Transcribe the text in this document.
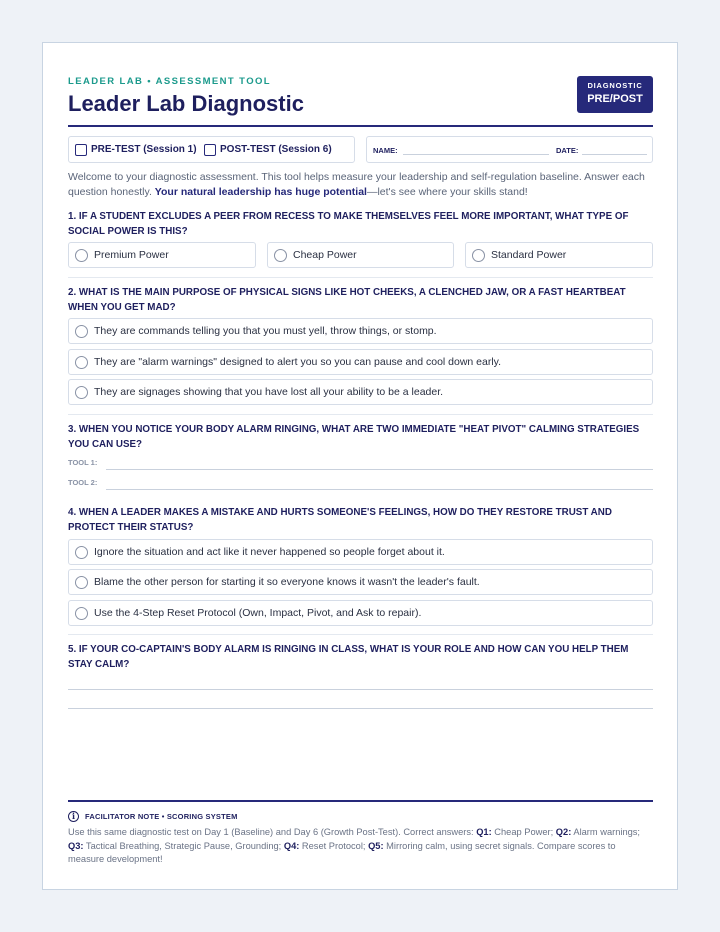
LEADER LAB • ASSESSMENT TOOL
Leader Lab Diagnostic
DIAGNOSTIC
PRE/POST
PRE-TEST (Session 1) POST-TEST (Session 6)	NAME:	DATE:
Welcome to your diagnostic assessment. This tool helps measure your leadership and self-regulation baseline. Answer each question honestly. Your natural leadership has huge potential—let's see where your skills stand!
1. IF A STUDENT EXCLUDES A PEER FROM RECESS TO MAKE THEMSELVES FEEL MORE IMPORTANT, WHAT TYPE OF SOCIAL POWER IS THIS?
Premium Power	Cheap Power	Standard Power
2. WHAT IS THE MAIN PURPOSE OF PHYSICAL SIGNS LIKE HOT CHEEKS, A CLENCHED JAW, OR A FAST HEARTBEAT WHEN YOU GET MAD?
They are commands telling you that you must yell, throw things, or stomp.
They are "alarm warnings" designed to alert you so you can pause and cool down early.
They are signages showing that you have lost all your ability to be a leader.
3. WHEN YOU NOTICE YOUR BODY ALARM RINGING, WHAT ARE TWO IMMEDIATE "HEAT PIVOT" CALMING STRATEGIES YOU CAN USE?
TOOL 1:
TOOL 2:
4. WHEN A LEADER MAKES A MISTAKE AND HURTS SOMEONE'S FEELINGS, HOW DO THEY RESTORE TRUST AND PROTECT THEIR STATUS?
Ignore the situation and act like it never happened so people forget about it.
Blame the other person for starting it so everyone knows it wasn't the leader's fault.
Use the 4-Step Reset Protocol (Own, Impact, Pivot, and Ask to repair).
5. IF YOUR CO-CAPTAIN'S BODY ALARM IS RINGING IN CLASS, WHAT IS YOUR ROLE AND HOW CAN YOU HELP THEM STAY CALM?
i	FACILITATOR NOTE • SCORING SYSTEM
Use this same diagnostic test on Day 1 (Baseline) and Day 6 (Growth Post-Test). Correct answers: Q1: Cheap Power; Q2: Alarm warnings; Q3: Tactical Breathing, Strategic Pause, Grounding; Q4: Reset Protocol; Q5: Mirroring calm, using secret signals. Compare scores to measure development!
